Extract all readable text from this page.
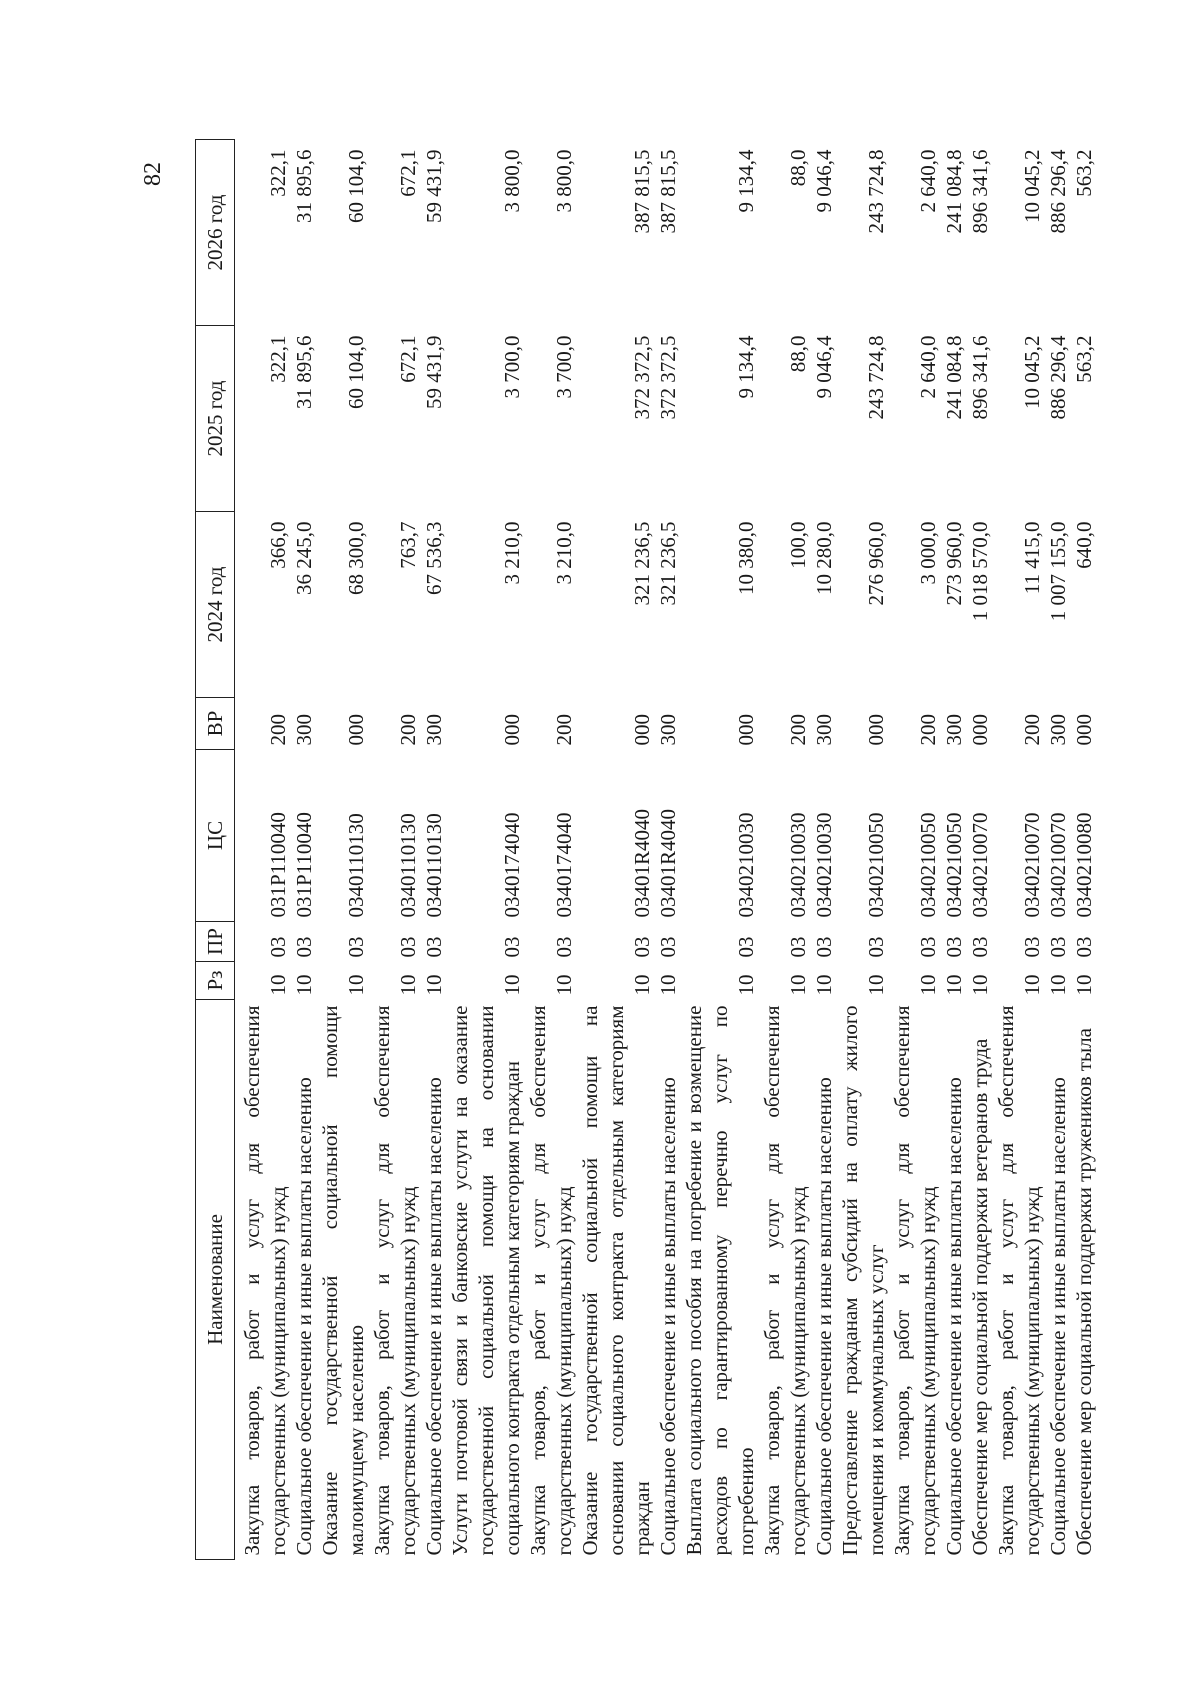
82
Наименование	Рз	ПР	ЦС	ВР	2024 год	2025 год	2026 год
Закупка товаров, работ и услуг для обеспечения государственных (муниципальных) нужд	10	03	031P110040	200	366,0	322,1	322,1
Социальное обеспечение и иные выплаты населению	10	03	031P110040	300	36 245,0	31 895,6	31 895,6
Оказание государственной социальной помощи малоимущему населению	10	03	0340110130	000	68 300,0	60 104,0	60 104,0
Закупка товаров, работ и услуг для обеспечения государственных (муниципальных) нужд	10	03	0340110130	200	763,7	672,1	672,1
Социальное обеспечение и иные выплаты населению	10	03	0340110130	300	67 536,3	59 431,9	59 431,9
Услуги почтовой связи и банковские услуги на оказание государственной социальной помощи на основании социального контракта отдельным категориям граждан	10	03	0340174040	000	3 210,0	3 700,0	3 800,0
Закупка товаров, работ и услуг для обеспечения государственных (муниципальных) нужд	10	03	0340174040	200	3 210,0	3 700,0	3 800,0
Оказание государственной социальной помощи на основании социального контракта отдельным категориям граждан	10	03	03401R4040	000	321 236,5	372 372,5	387 815,5
Социальное обеспечение и иные выплаты населению	10	03	03401R4040	300	321 236,5	372 372,5	387 815,5
Выплата социального пособия на погребение и возмещение расходов по гарантированному перечню услуг по погребению	10	03	0340210030	000	10 380,0	9 134,4	9 134,4
Закупка товаров, работ и услуг для обеспечения государственных (муниципальных) нужд	10	03	0340210030	200	100,0	88,0	88,0
Социальное обеспечение и иные выплаты населению	10	03	0340210030	300	10 280,0	9 046,4	9 046,4
Предоставление гражданам субсидий на оплату жилого помещения и коммунальных услуг	10	03	0340210050	000	276 960,0	243 724,8	243 724,8
Закупка товаров, работ и услуг для обеспечения государственных (муниципальных) нужд	10	03	0340210050	200	3 000,0	2 640,0	2 640,0
Социальное обеспечение и иные выплаты населению	10	03	0340210050	300	273 960,0	241 084,8	241 084,8
Обеспечение мер социальной поддержки ветеранов труда	10	03	0340210070	000	1 018 570,0	896 341,6	896 341,6
Закупка товаров, работ и услуг для обеспечения государственных (муниципальных) нужд	10	03	0340210070	200	11 415,0	10 045,2	10 045,2
Социальное обеспечение и иные выплаты населению	10	03	0340210070	300	1 007 155,0	886 296,4	886 296,4
Обеспечение мер социальной поддержки тружеников тыла	10	03	0340210080	000	640,0	563,2	563,2
